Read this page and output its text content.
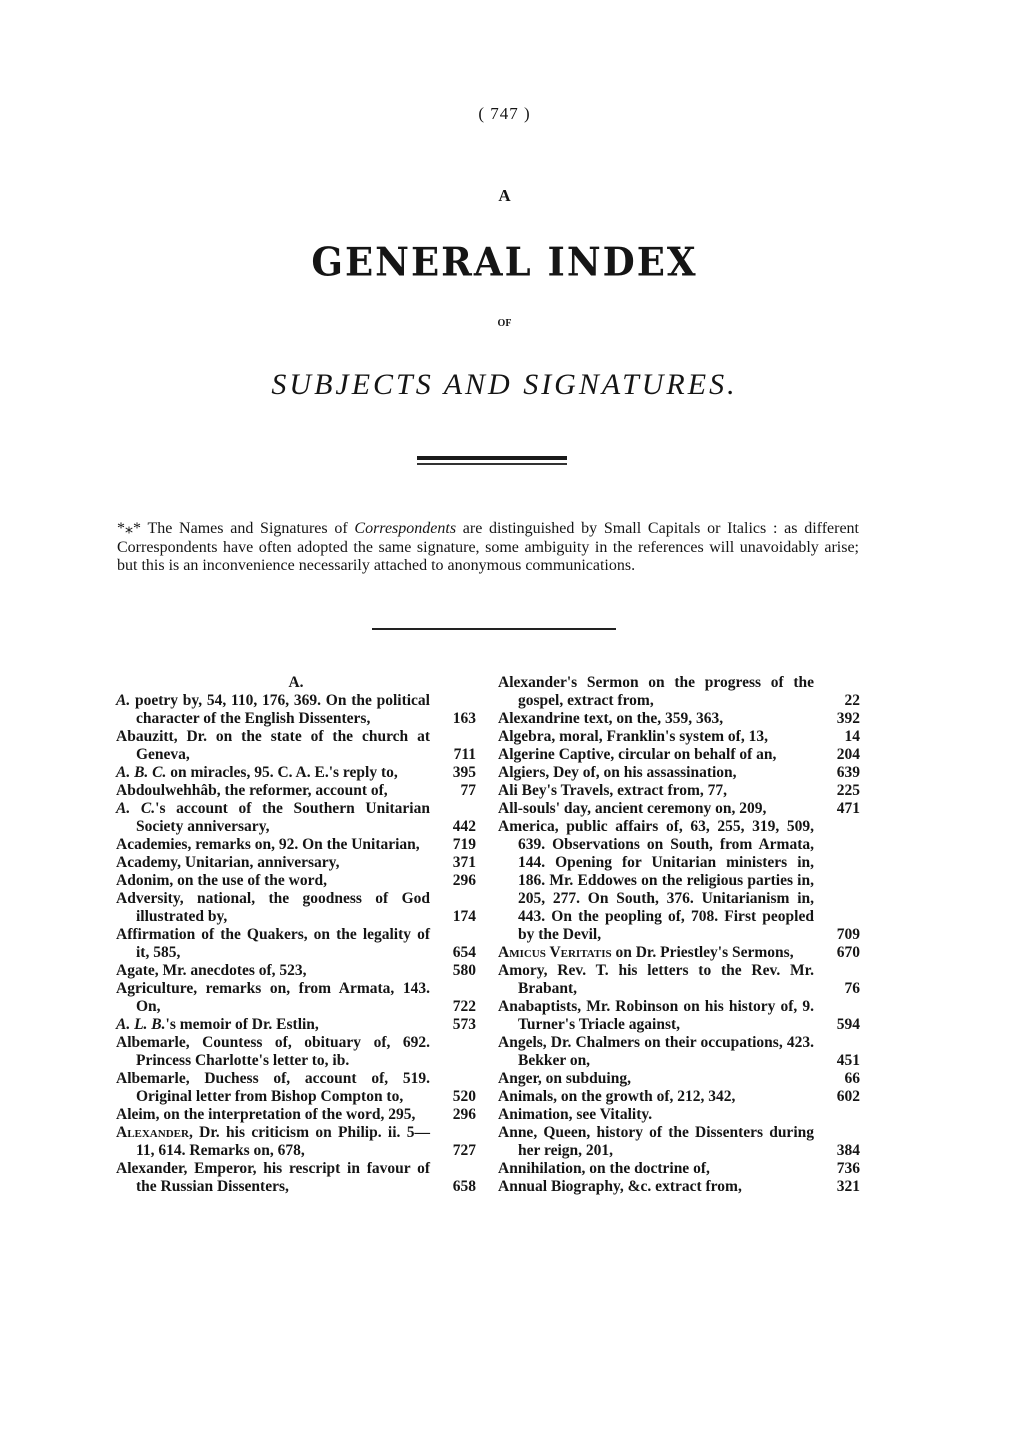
( 747 )
A
GENERAL INDEX
OF
SUBJECTS AND SIGNATURES.
*⁎* The Names and Signatures of Correspondents are distinguished by Small Capitals or Italics : as different Correspondents have often adopted the same signature, some ambiguity in the references will unavoidably arise; but this is an inconvenience necessarily attached to anonymous communications.
A.
A. poetry by, 54, 110, 176, 369. On the political character of the English Dissenters,	163
Abauzitt, Dr. on the state of the church at Geneva,	711
A. B. C. on miracles, 95. C. A. E.'s reply to,	395
Abdoulwehhâb, the reformer, account of,	77
A. C.'s account of the Southern Unitarian Society anniversary,	442
Academies, remarks on, 92. On the Unitarian, 719
Academy, Unitarian, anniversary,	371
Adonim, on the use of the word,	296
Adversity, national, the goodness of God illustrated by,	174
Affirmation of the Quakers, on the legality of it, 585,	654
Agate, Mr. anecdotes of, 523,	580
Agriculture, remarks on, from Armata, 143. On,	722
A. L. B.'s memoir of Dr. Estlin,	573
Albemarle, Countess of, obituary of, 692. Princess Charlotte's letter to, ib.
Albemarle, Duchess of, account of, 519. Original letter from Bishop Compton to,	520
Aleim, on the interpretation of the word, 295, 296
Alexander, Dr. his criticism on Philip. ii. 5—11, 614. Remarks on, 678,	727
Alexander, Emperor, his rescript in favour of the Russian Dissenters,	658
Alexander's Sermon on the progress of the gospel, extract from,	22
Alexandrine text, on the, 359, 363,	392
Algebra, moral, Franklin's system of, 13,	14
Algerine Captive, circular on behalf of an,	204
Algiers, Dey of, on his assassination,	639
Ali Bey's Travels, extract from, 77,	225
All-souls' day, ancient ceremony on, 209,	471
America, public affairs of, 63, 255, 319, 509, 639. Observations on South, from Armata, 144. Opening for Unitarian ministers in, 186. Mr. Eddowes on the religious parties in, 205, 277. On South, 376. Unitarianism in, 443. On the peopling of, 708. First peopled by the Devil,	709
Amicus Veritatis on Dr. Priestley's Sermons,	670
Amory, Rev. T. his letters to the Rev. Mr. Brabant,	76
Anabaptists, Mr. Robinson on his history of, 9. Turner's Triacle against,	594
Angels, Dr. Chalmers on their occupations, 423. Bekker on,	451
Anger, on subduing,	66
Animals, on the growth of, 212, 342,	602
Animation, see Vitality.
Anne, Queen, history of the Dissenters during her reign, 201,	384
Annihilation, on the doctrine of,	736
Annual Biography, &c. extract from,	321
